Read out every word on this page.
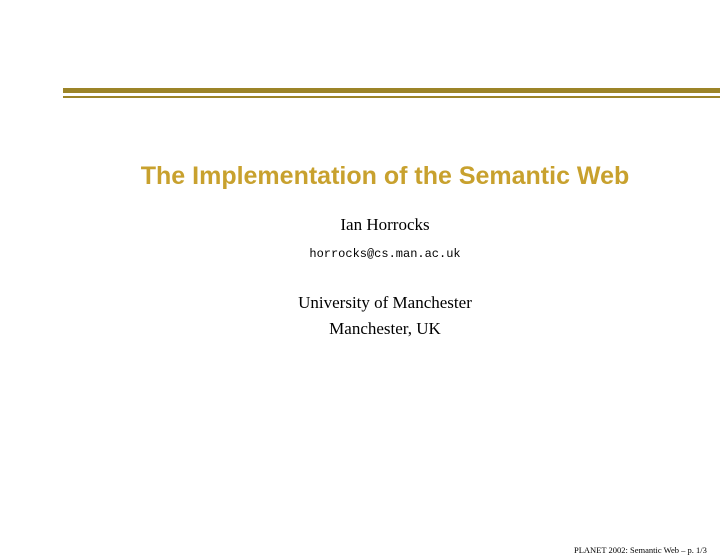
The Implementation of the Semantic Web
Ian Horrocks
horrocks@cs.man.ac.uk
University of Manchester
Manchester, UK
PLANET 2002: Semantic Web – p. 1/3
